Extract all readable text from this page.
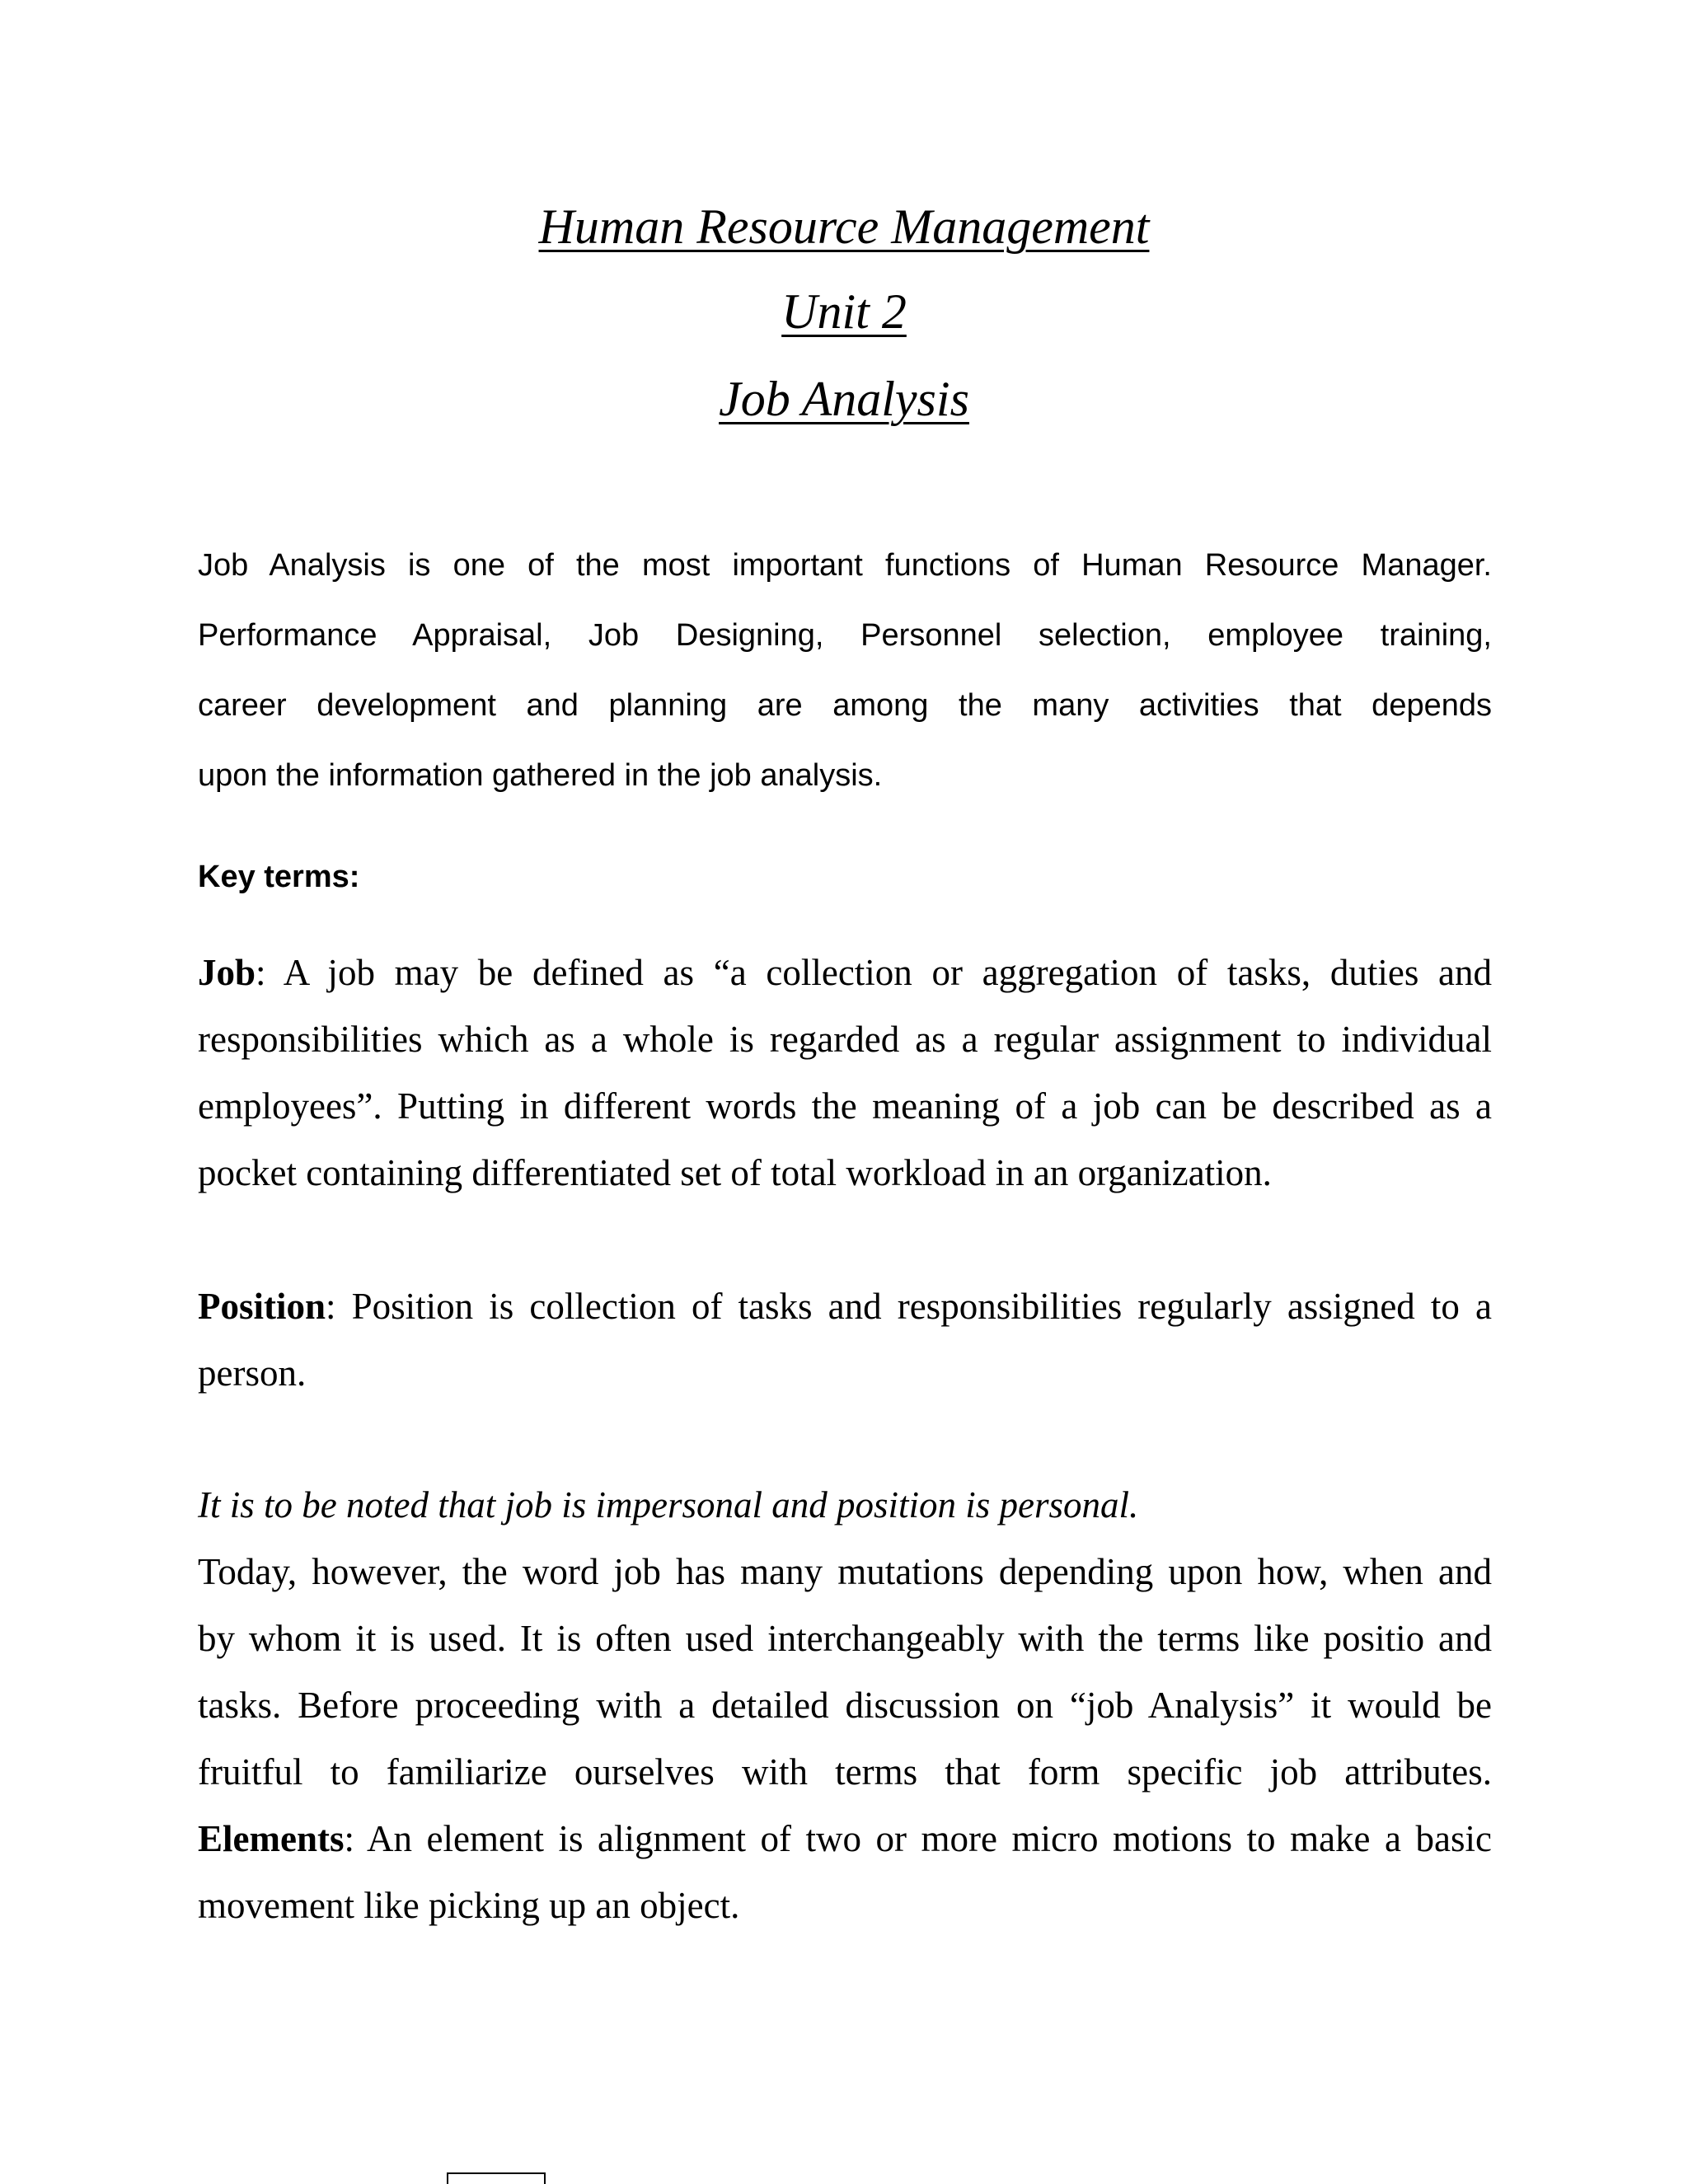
Human Resource Management
Unit 2
Job Analysis
Job Analysis is one of the most important functions of Human Resource Manager.
Performance Appraisal, Job Designing, Personnel selection, employee training,
career development and planning are among the many activities that depends
upon the information gathered in the job analysis.
Key terms:
Job: A job may be defined as “a collection or aggregation of tasks, duties and
responsibilities which as a whole is regarded as a regular assignment to individual
employees”. Putting in different words the meaning of a job can be described as a
pocket containing differentiated set of total workload in an organization.
Position: Position is collection of tasks and responsibilities regularly assigned to a
person.
It is to be noted that job is impersonal and position is personal.
Today, however, the word job has many mutations depending upon how, when and
by whom it is used. It is often used interchangeably with the terms like positio and
tasks. Before proceeding with a detailed discussion on “job Analysis” it would be
fruitful to familiarize ourselves with terms that form specific job attributes.
Elements: An element is alignment of two or more micro motions to make a basic
movement like picking up an object.
